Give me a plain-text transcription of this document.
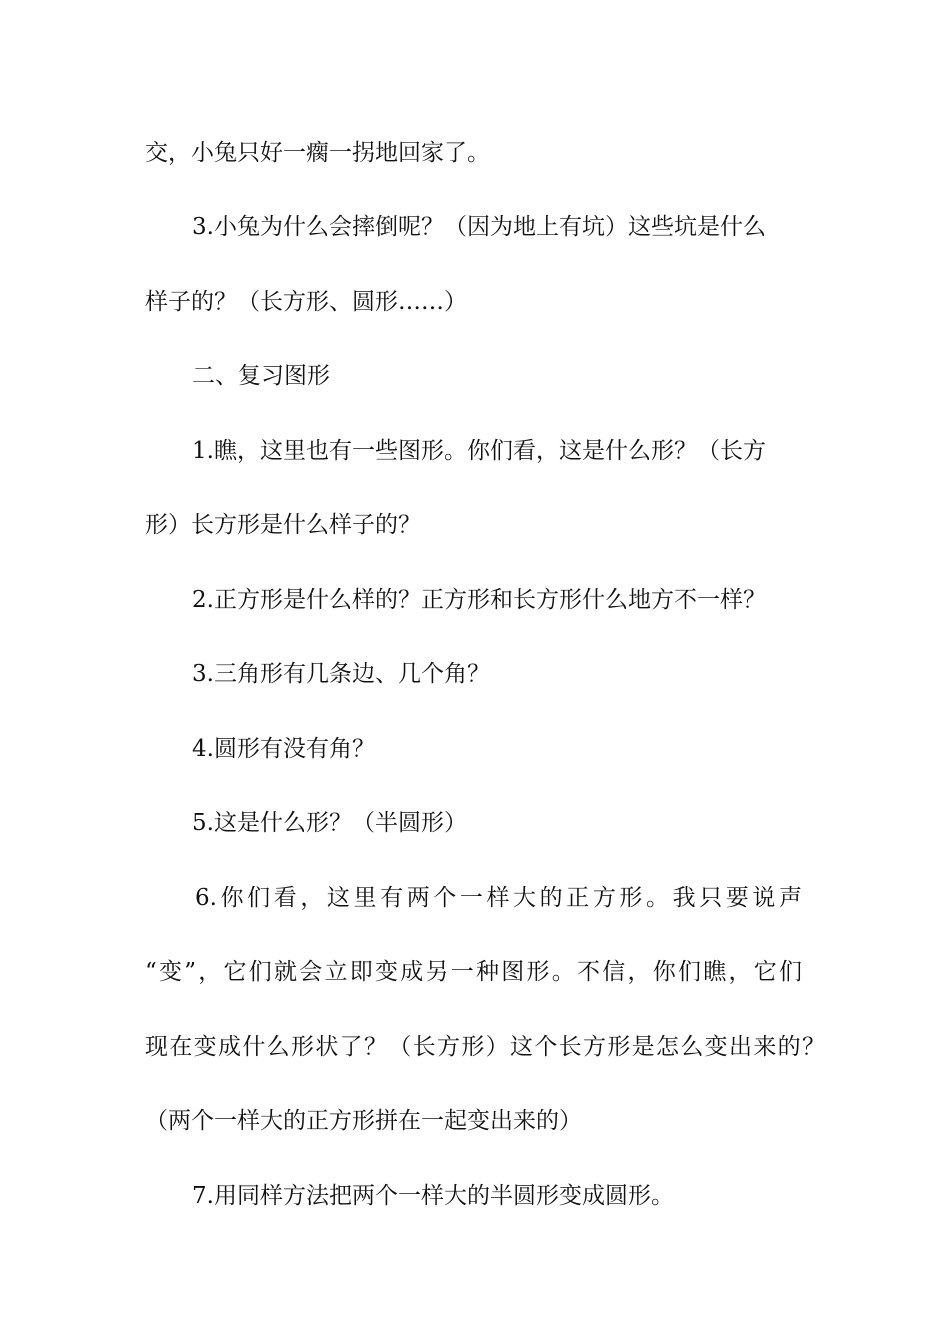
交，小兔只好一瘸一拐地回家了。
3.小兔为什么会摔倒呢？（因为地上有坑）这些坑是什么
样子的？（长方形、圆形……）
二、复习图形
1.瞧，这里也有一些图形。你们看，这是什么形？（长方
形）长方形是什么样子的？
2.正方形是什么样的？正方形和长方形什么地方不一样？
3.三角形有几条边、几个角？
4.圆形有没有角？
5.这是什么形？（半圆形）
6.你们看，这里有两个一样大的正方形。我只要说声
“变”，它们就会立即变成另一种图形。不信，你们瞧，它们
现在变成什么形状了？（长方形）这个长方形是怎么变出来的？
（两个一样大的正方形拼在一起变出来的）
7.用同样方法把两个一样大的半圆形变成圆形。
